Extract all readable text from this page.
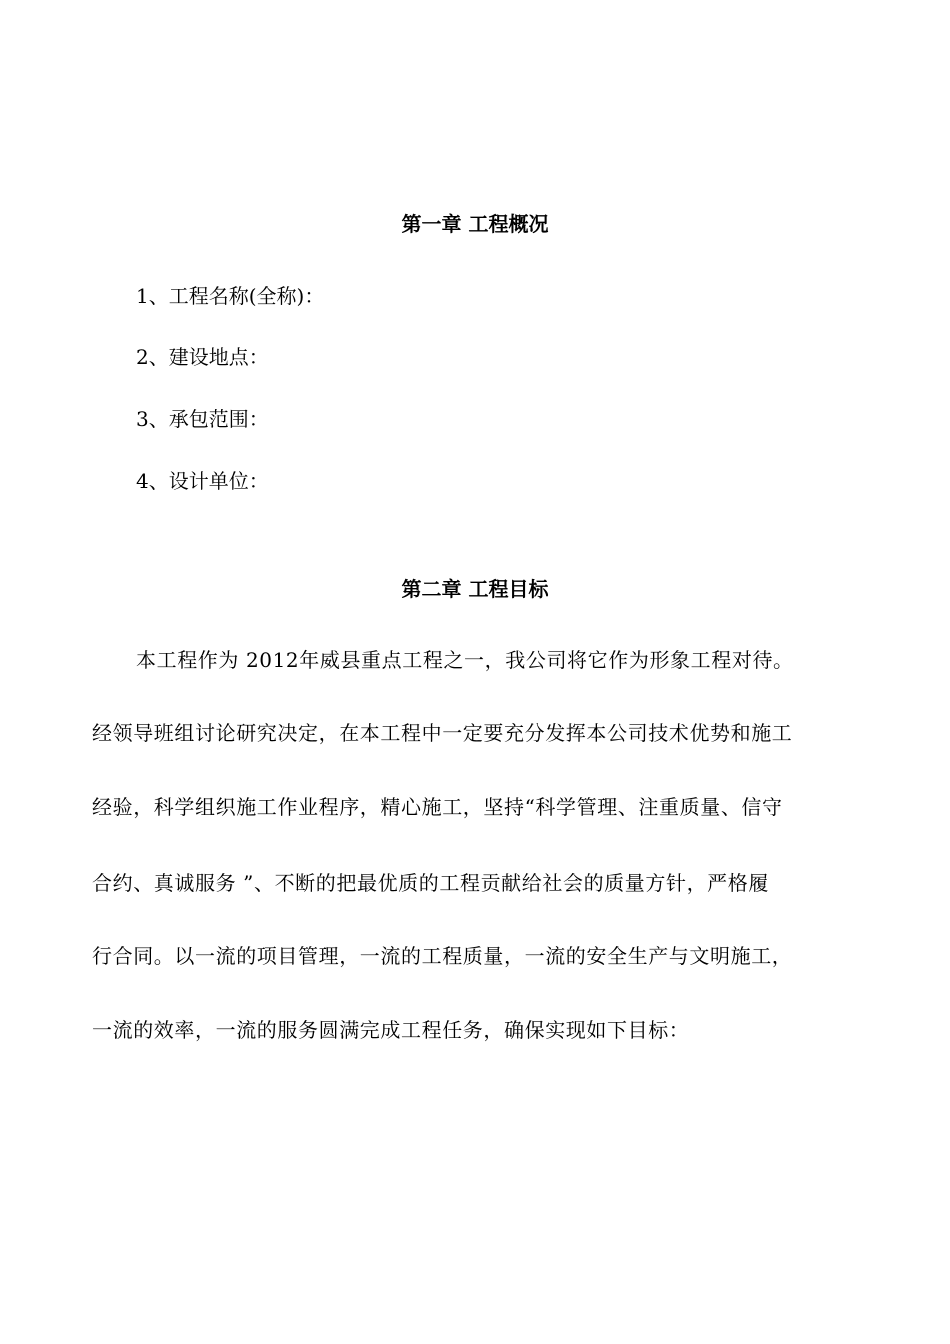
第一章 工程概况
1、工程名称(全称)：
2、建设地点：
3、承包范围：
4、设计单位：
第二章 工程目标
本工程作为 2012年威县重点工程之一，我公司将它作为形象工程对待。
经领导班组讨论研究决定，在本工程中一定要充分发挥本公司技术优势和施工
经验，科学组织施工作业程序，精心施工，坚持“科学管理、注重质量、信守
合约、真诚服务 ”、不断的把最优质的工程贡献给社会的质量方针，严格履
行合同。以一流的项目管理，一流的工程质量，一流的安全生产与文明施工，
一流的效率，一流的服务圆满完成工程任务，确保实现如下目标：
